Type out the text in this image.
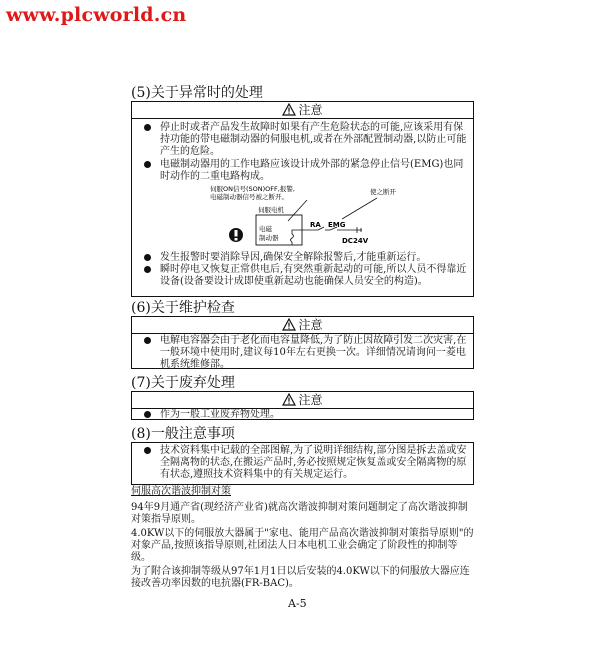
www.plcworld.cn
(5)关于异常时的处理
注意
停止时或者产品发生故障时如果有产生危险状态的可能,应该采用有保持功能的带电磁制动器的伺服电机,或者在外部配置制动器,以防止可能产生的危险。
电磁制动器用的工作电路应该设计成外部的紧急停止信号(EMG)也同时动作的二重电路构成。
伺服ON信号(SON)OFF,报警,
电磁制动器信号被之断开。
使之断开
伺服电机
电磁
制动器
RA EMG
DC24V
发生报警时要消除导因,确保安全解除报警后,才能重新运行。
瞬时停电又恢复正常供电后,有突然重新起动的可能,所以人员不得靠近设备(设备要设计成即使重新起动也能确保人员安全的构造)。
(6)关于维护检查
注意
电解电容器会由于老化而电容量降低,为了防止因故障引发二次灾害,在一般环境中使用时,建议每10年左右更换一次。详细情况请询问一菱电机系统维修部。
(7)关于废弃处理
注意
作为一般工业废弃物处理。
(8)一般注意事项
技术资料集中记载的全部图解,为了说明详细结构,部分图是拆去盖或安全隔离物的状态,在搬运产品时,务必按照规定恢复盖或安全隔离物的原有状态,遵照技术资料集中的有关规定运行。
伺服高次谐波抑制对策
94年9月通产省(现经济产业省)就高次谐波抑制对策问题制定了高次谐波抑制对策指导原则。
4.0KW以下的伺服放大器属于"家电、能用产品高次谐波抑制对策指导原则"的对象产品,按照该指导原则,社团法人日本电机工业会确定了阶段性的抑制等级。
为了附合该抑制等级从97年1月1日以后安装的4.0KW以下的伺服放大器应连接改善功率因数的电抗器(FR-BAC)。
A-5
